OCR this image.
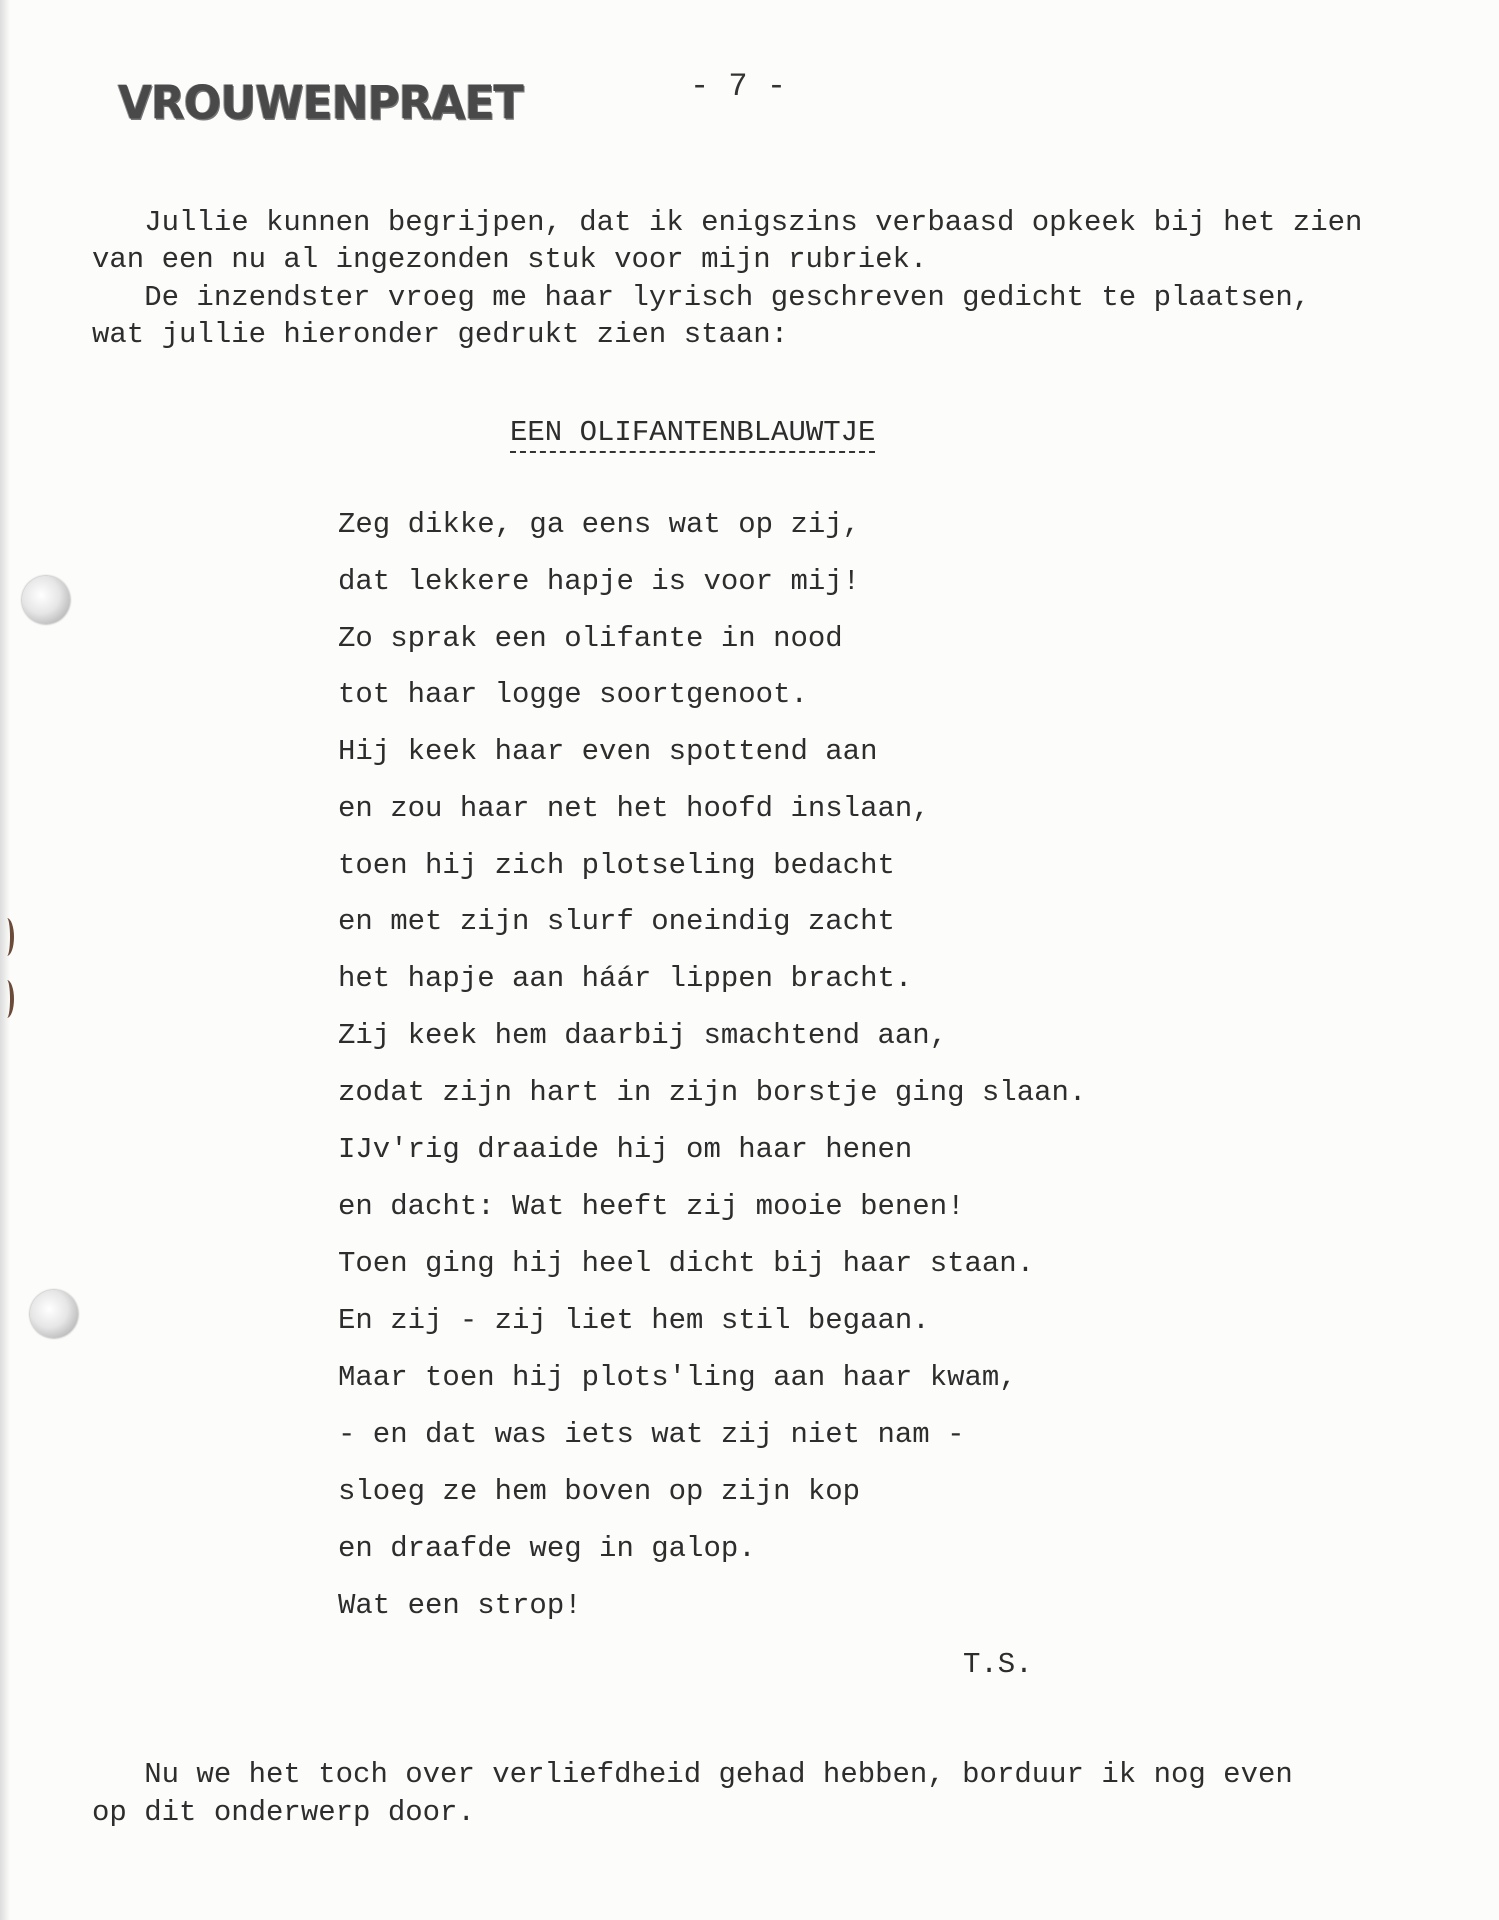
VROUWENPRAET	- 7 -
Jullie kunnen begrijpen, dat ik enigszins verbaasd opkeek bij het zien
van een nu al ingezonden stuk voor mijn rubriek.
De inzendster vroeg me haar lyrisch geschreven gedicht te plaatsen,
wat jullie hieronder gedrukt zien staan:
EEN OLIFANTENBLAUWTJE
Zeg dikke, ga eens wat op zij,
dat lekkere hapje is voor mij!
Zo sprak een olifante in nood
tot haar logge soortgenoot.
Hij keek haar even spottend aan
en zou haar net het hoofd inslaan,
toen hij zich plotseling bedacht
en met zijn slurf oneindig zacht
het hapje aan háár lippen bracht.
Zij keek hem daarbij smachtend aan,
zodat zijn hart in zijn borstje ging slaan.
IJv'rig draaide hij om haar henen
en dacht: Wat heeft zij mooie benen!
Toen ging hij heel dicht bij haar staan.
En zij - zij liet hem stil begaan.
Maar toen hij plots'ling aan haar kwam,
- en dat was iets wat zij niet nam -
sloeg ze hem boven op zijn kop
en draafde weg in galop.
Wat een strop!
T.S.
Nu we het toch over verliefdheid gehad hebben, borduur ik nog even
op dit onderwerp door.
